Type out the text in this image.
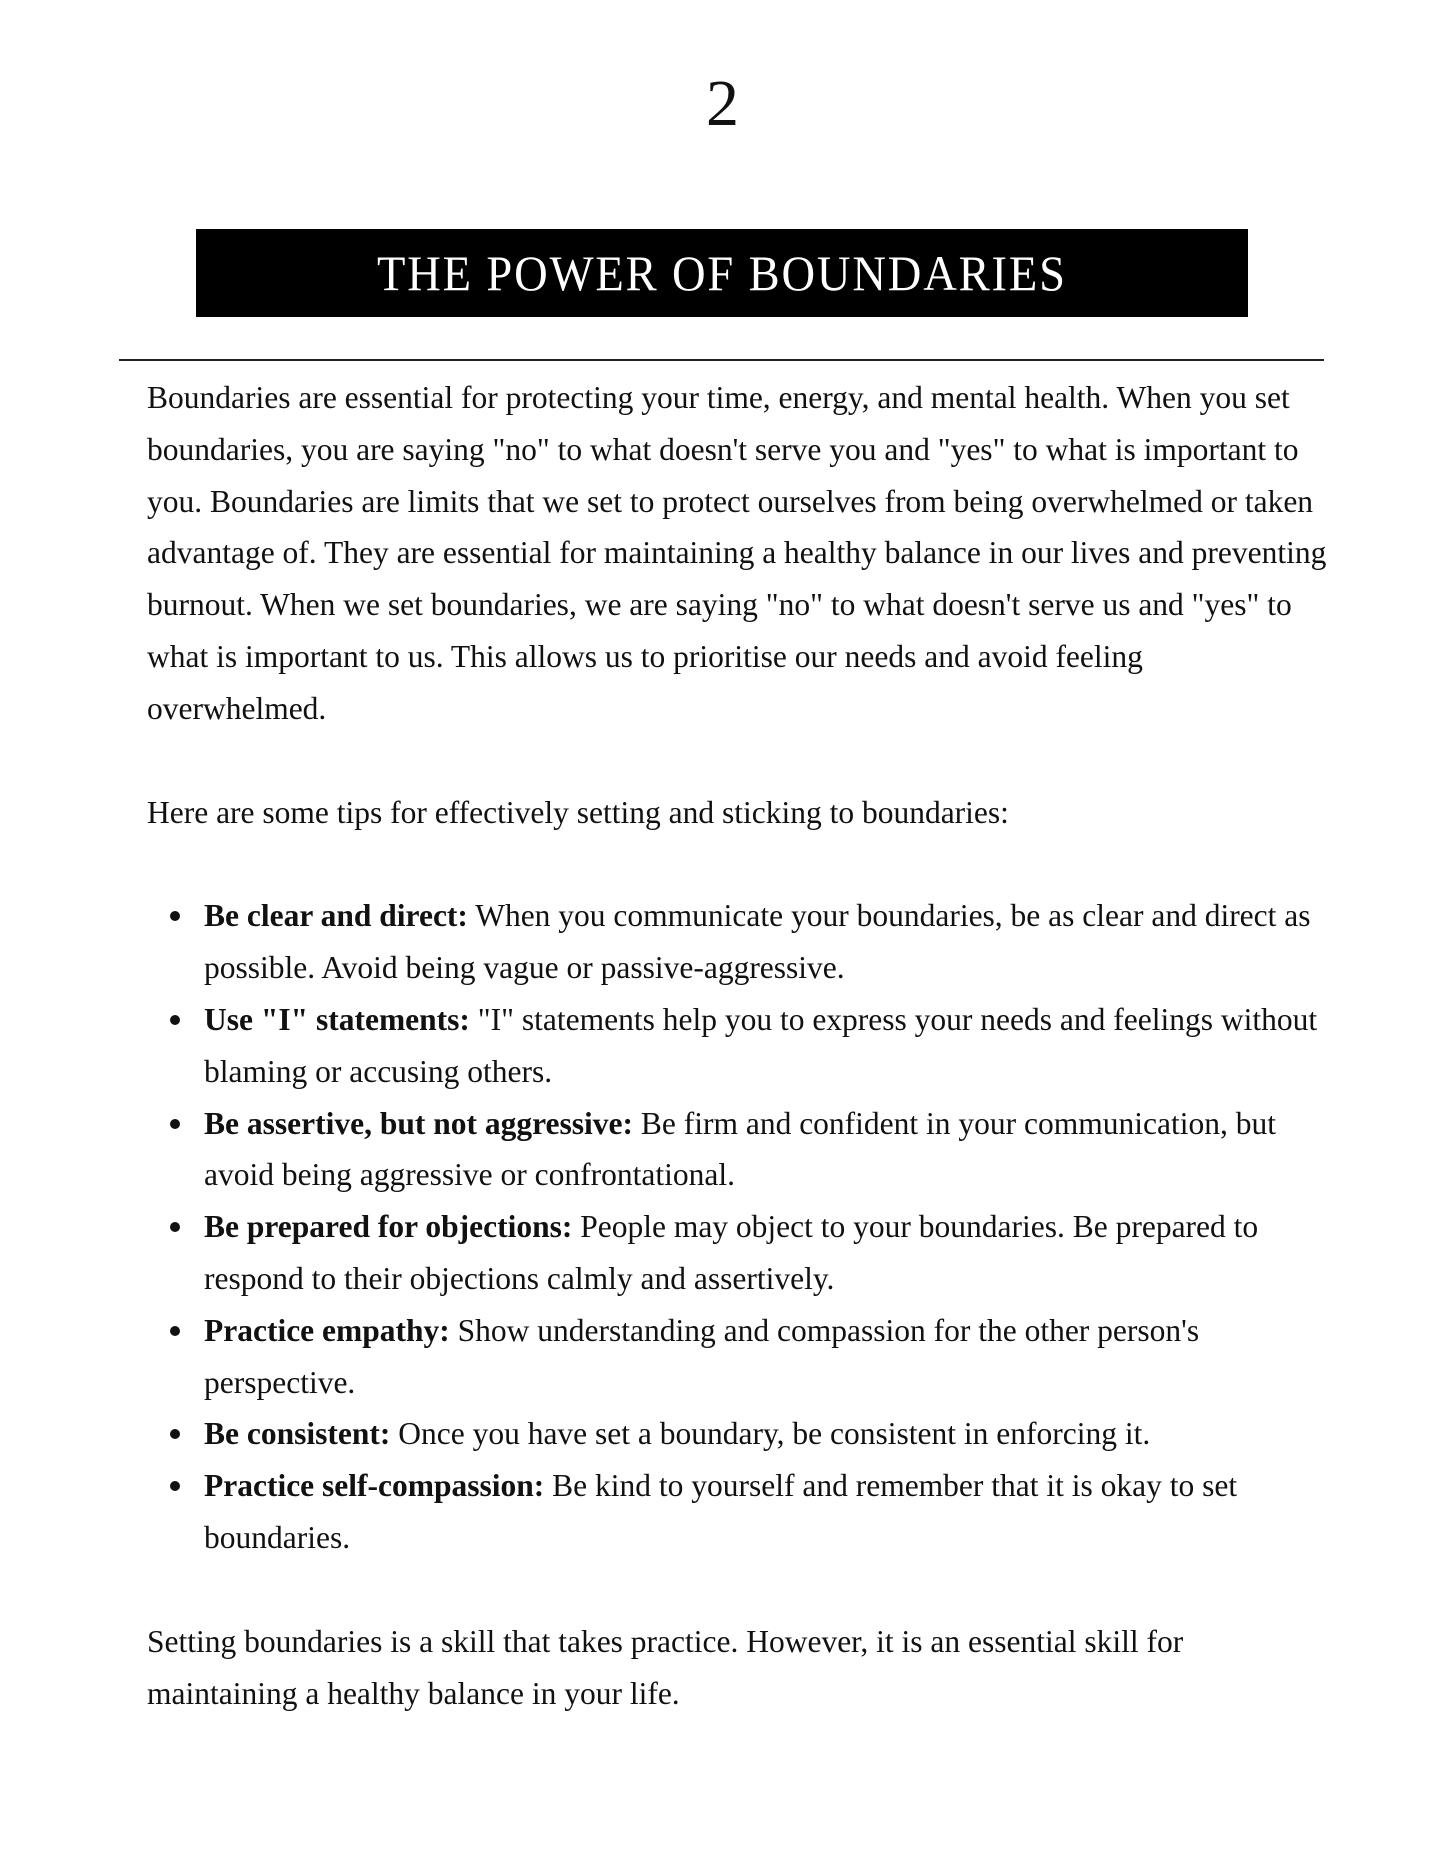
2
THE POWER OF BOUNDARIES

Boundaries are essential for protecting your time, energy, and mental health. When you set boundaries, you are saying "no" to what doesn't serve you and "yes" to what is important to you. Boundaries are limits that we set to protect ourselves from being overwhelmed or taken advantage of. They are essential for maintaining a healthy balance in our lives and preventing burnout. When we set boundaries, we are saying "no" to what doesn't serve us and "yes" to what is important to us. This allows us to prioritise our needs and avoid feeling overwhelmed.

Here are some tips for effectively setting and sticking to boundaries:

Be clear and direct: When you communicate your boundaries, be as clear and direct as possible. Avoid being vague or passive-aggressive.
Use "I" statements: "I" statements help you to express your needs and feelings without blaming or accusing others.
Be assertive, but not aggressive: Be firm and confident in your communication, but avoid being aggressive or confrontational.
Be prepared for objections: People may object to your boundaries. Be prepared to respond to their objections calmly and assertively.
Practice empathy: Show understanding and compassion for the other person's perspective.
Be consistent: Once you have set a boundary, be consistent in enforcing it.
Practice self-compassion: Be kind to yourself and remember that it is okay to set boundaries.

Setting boundaries is a skill that takes practice. However, it is an essential skill for maintaining a healthy balance in your life.
